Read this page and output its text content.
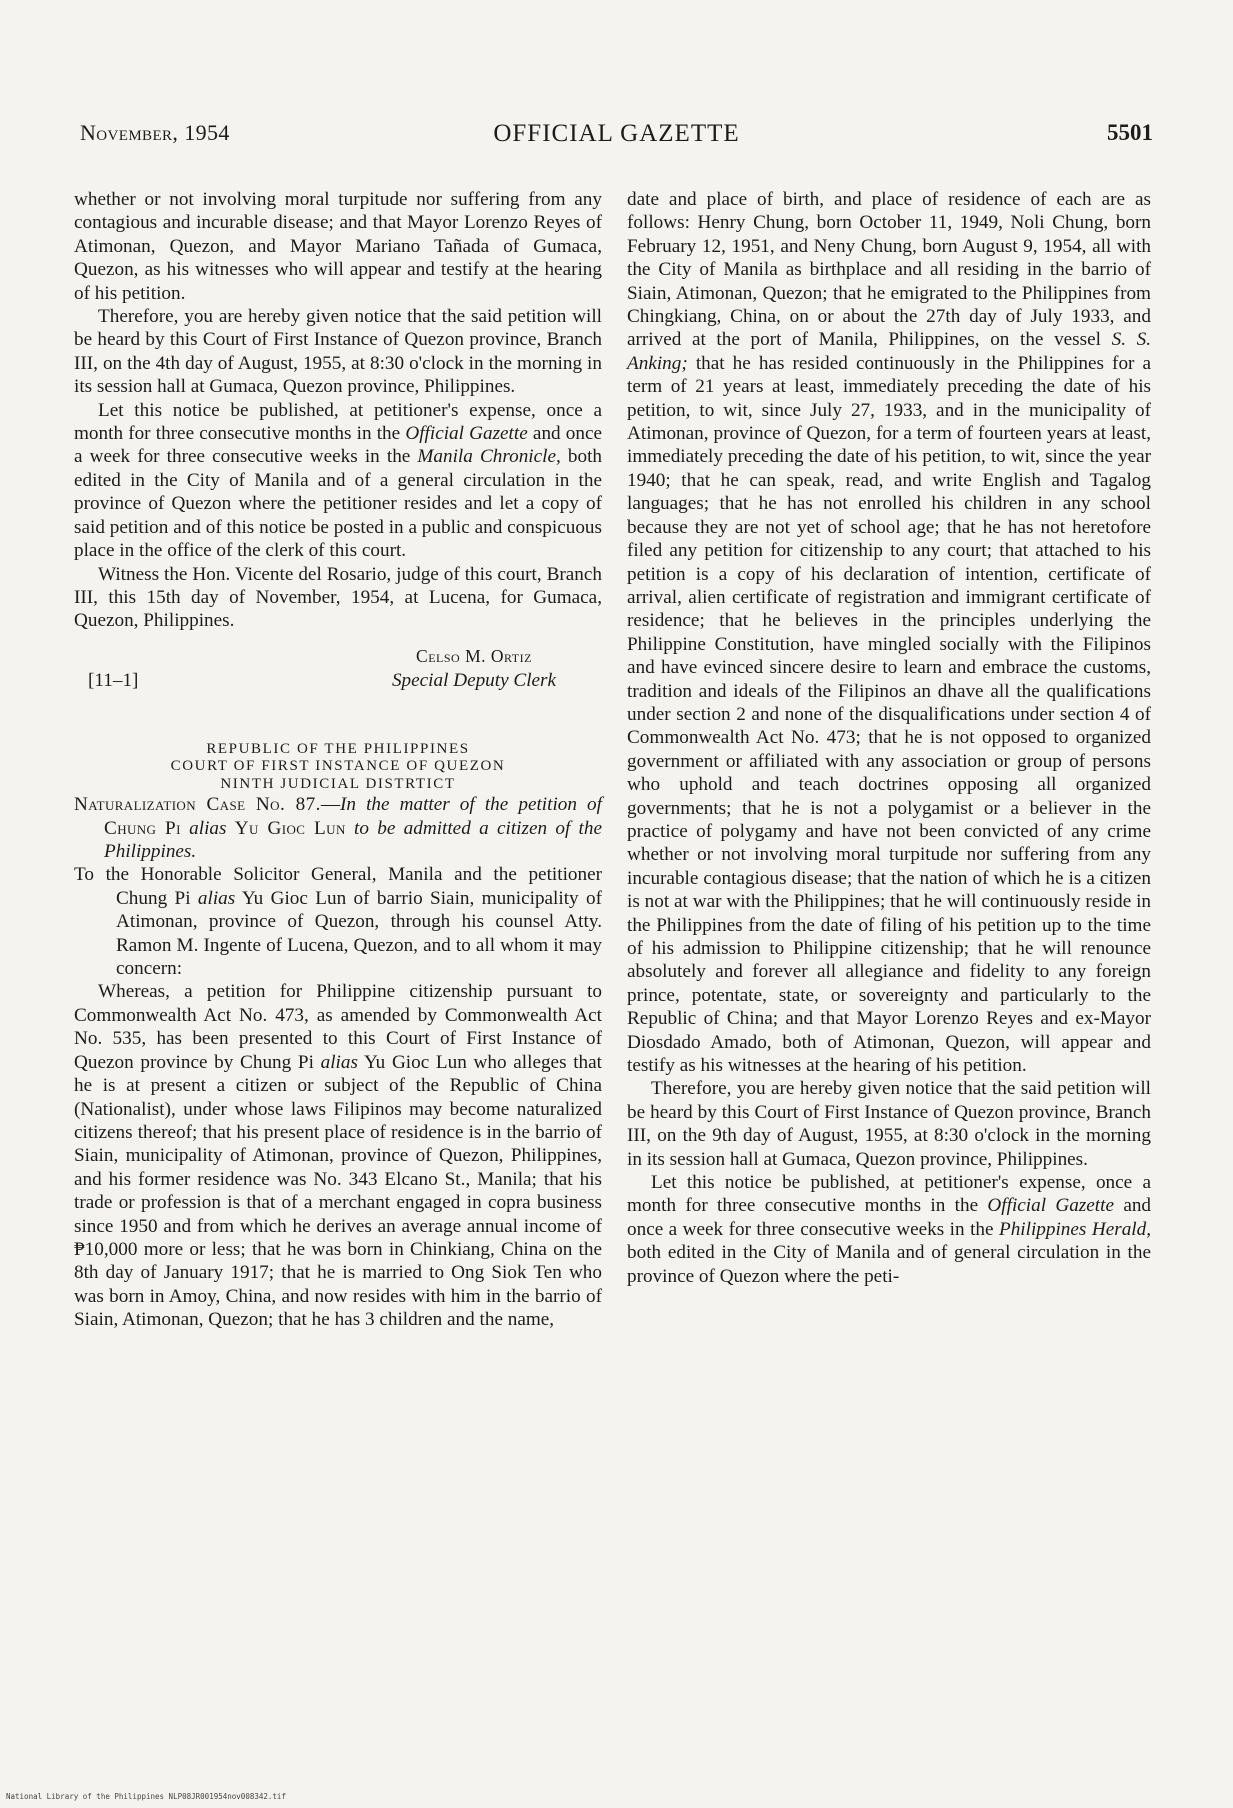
November, 1954	OFFICIAL GAZETTE	5501

whether or not involving moral turpitude nor suffering from any contagious and incurable disease; and that Mayor Lorenzo Reyes of Atimonan, Quezon, and Mayor Mariano Tañada of Gumaca, Quezon, as his witnesses who will appear and testify at the hearing of his petition.

Therefore, you are hereby given notice that the said petition will be heard by this Court of First Instance of Quezon province, Branch III, on the 4th day of August, 1955, at 8:30 o'clock in the morning in its session hall at Gumaca, Quezon province, Philippines.

Let this notice be published, at petitioner's expense, once a month for three consecutive months in the Official Gazette and once a week for three consecutive weeks in the Manila Chronicle, both edited in the City of Manila and of a general circulation in the province of Quezon where the petitioner resides and let a copy of said petition and of this notice be posted in a public and conspicuous place in the office of the clerk of this court.

Witness the Hon. Vicente del Rosario, judge of this court, Branch III, this 15th day of November, 1954, at Lucena, for Gumaca, Quezon, Philippines.

[11–1]
Celso M. Ortiz
Special Deputy Clerk
REPUBLIC OF THE PHILIPPINES
COURT OF FIRST INSTANCE OF QUEZON
NINTH JUDICIAL DISTRTICT

Naturalization Case No. 87.—In the matter of the petition of Chung Pi alias Yu Gioc Lun to be admitted a citizen of the Philippines.

To the Honorable Solicitor General, Manila and the petitioner Chung Pi alias Yu Gioc Lun of barrio Siain, municipality of Atimonan, province of Quezon, through his counsel Atty. Ramon M. Ingente of Lucena, Quezon, and to all whom it may concern:

Whereas, a petition for Philippine citizenship pursuant to Commonwealth Act No. 473, as amended by Commonwealth Act No. 535, has been presented to this Court of First Instance of Quezon province by Chung Pi alias Yu Gioc Lun who alleges that he is at present a citizen or subject of the Republic of China (Nationalist), under whose laws Filipinos may become naturalized citizens thereof; that his present place of residence is in the barrio of Siain, municipality of Atimonan, province of Quezon, Philippines, and his former residence was No. 343 Elcano St., Manila; that his trade or profession is that of a merchant engaged in copra business since 1950 and from which he derives an average annual income of ₱10,000 more or less; that he was born in Chinkiang, China on the 8th day of January 1917; that he is married to Ong Siok Ten who was born in Amoy, China, and now resides with him in the barrio of Siain, Atimonan, Quezon; that he has 3 children and the name,

date and place of birth, and place of residence of each are as follows: Henry Chung, born October 11, 1949, Noli Chung, born February 12, 1951, and Neny Chung, born August 9, 1954, all with the City of Manila as birthplace and all residing in the barrio of Siain, Atimonan, Quezon; that he emigrated to the Philippines from Chingkiang, China, on or about the 27th day of July 1933, and arrived at the port of Manila, Philippines, on the vessel S. S. Anking; that he has resided continuously in the Philippines for a term of 21 years at least, immediately preceding the date of his petition, to wit, since July 27, 1933, and in the municipality of Atimonan, province of Quezon, for a term of fourteen years at least, immediately preceding the date of his petition, to wit, since the year 1940; that he can speak, read, and write English and Tagalog languages; that he has not enrolled his children in any school because they are not yet of school age; that he has not heretofore filed any petition for citizenship to any court; that attached to his petition is a copy of his declaration of intention, certificate of arrival, alien certificate of registration and immigrant certificate of residence; that he believes in the principles underlying the Philippine Constitution, have mingled socially with the Filipinos and have evinced sincere desire to learn and embrace the customs, tradition and ideals of the Filipinos an dhave all the qualifications under section 2 and none of the disqualifications under section 4 of Commonwealth Act No. 473; that he is not opposed to organized government or affiliated with any association or group of persons who uphold and teach doctrines opposing all organized governments; that he is not a polygamist or a believer in the practice of polygamy and have not been convicted of any crime whether or not involving moral turpitude nor suffering from any incurable contagious disease; that the nation of which he is a citizen is not at war with the Philippines; that he will continuously reside in the Philippines from the date of filing of his petition up to the time of his admission to Philippine citizenship; that he will renounce absolutely and forever all allegiance and fidelity to any foreign prince, potentate, state, or sovereignty and particularly to the Republic of China; and that Mayor Lorenzo Reyes and ex-Mayor Diosdado Amado, both of Atimonan, Quezon, will appear and testify as his witnesses at the hearing of his petition.

Therefore, you are hereby given notice that the said petition will be heard by this Court of First Instance of Quezon province, Branch III, on the 9th day of August, 1955, at 8:30 o'clock in the morning in its session hall at Gumaca, Quezon province, Philippines.

Let this notice be published, at petitioner's expense, once a month for three consecutive months in the Official Gazette and once a week for three consecutive weeks in the Philippines Herald, both edited in the City of Manila and of general circulation in the province of Quezon where the peti-

National Library of the Philippines NLP08JR001954nov008342.tif
